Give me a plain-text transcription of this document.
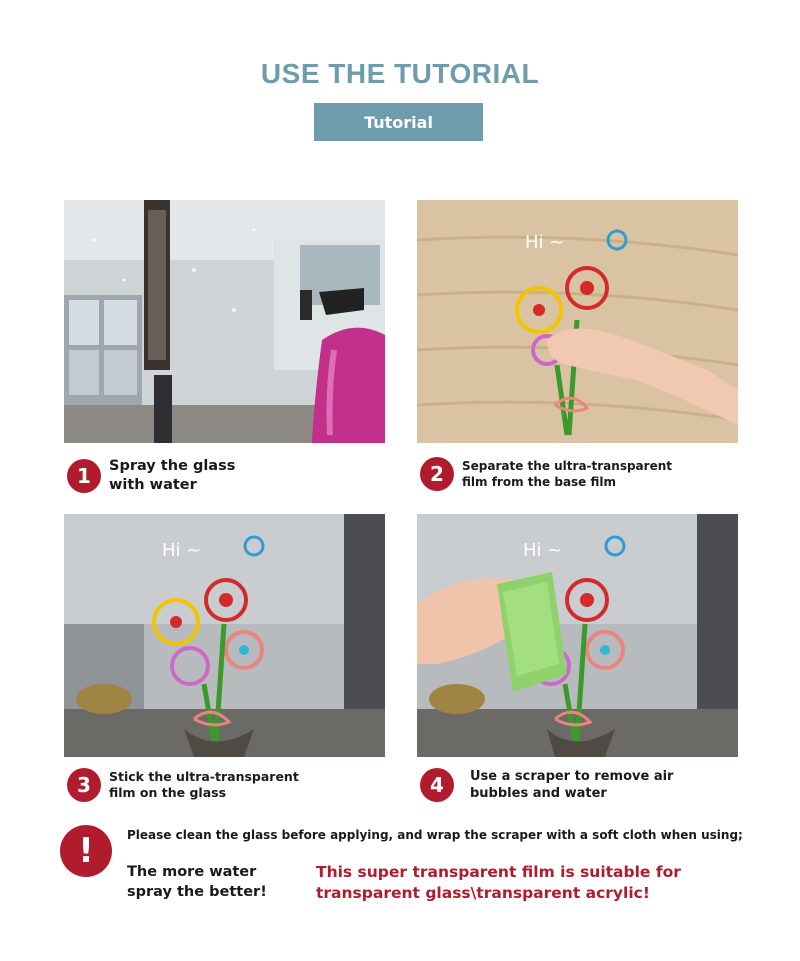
USE THE TUTORIAL
Tutorial
Hi ~
Hi ~	Hi ~
1	Spray the glass
with water	2	Separate the ultra-transparent
film from the base film
3	Stick the ultra-transparent
film on the glass	4	Use a scraper to remove air
bubbles and water
!	Please clean the glass before applying, and wrap the scraper with a soft cloth when using;
The more water
spray the better!
This super transparent film is suitable for
transparent glass\transparent acrylic!
